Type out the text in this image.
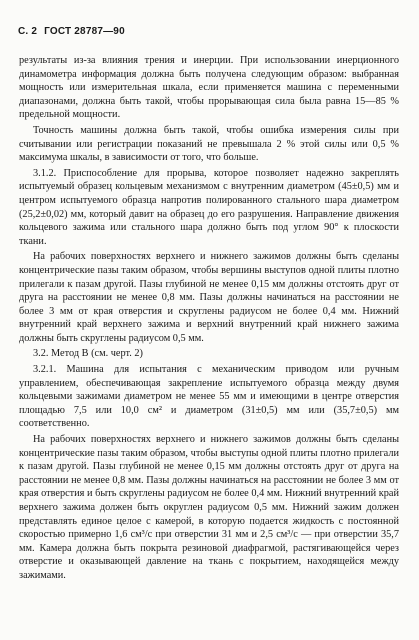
С. 2 ГОСТ 28787—90

результаты из-за влияния трения и инерции. При использовании инерционного динамометра информация должна быть получена следующим образом: выбранная мощность или измерительная шкала, если применяется машина с переменными диапазонами, должна быть такой, чтобы прорывающая сила была равна 15—85 % предельной мощности.

Точность машины должна быть такой, чтобы ошибка измерения силы при считывании или регистрации показаний не превышала 2 % этой силы или 0,5 % максимума шкалы, в зависимости от того, что больше.

3.1.2. Приспособление для прорыва, которое позволяет надежно закреплять испытуемый образец кольцевым механизмом с внутренним диаметром (45±0,5) мм и центром испытуемого образца напротив полированного стального шара диаметром (25,2±0,02) мм, который давит на образец до его разрушения. Направление движения кольцевого зажима или стального шара должно быть под углом 90° к плоскости ткани.

На рабочих поверхностях верхнего и нижнего зажимов должны быть сделаны концентрические пазы таким образом, чтобы вершины выступов одной плиты плотно прилегали к пазам другой. Пазы глубиной не менее 0,15 мм должны отстоять друг от друга на расстоянии не менее 0,8 мм. Пазы должны начинаться на расстоянии не более 3 мм от края отверстия и скруглены радиусом не более 0,4 мм. Нижний внутренний край верхнего зажима и верхний внутренний край нижнего зажима должны быть скруглены радиусом 0,5 мм.

3.2. Метод В (см. черт. 2)

3.2.1. Машина для испытания с механическим приводом или ручным управлением, обеспечивающая закрепление испытуемого образца между двумя кольцевыми зажимами диаметром не менее 55 мм и имеющими в центре отверстия площадью 7,5 или 10,0 см² и диаметром (31±0,5) мм или (35,7±0,5) мм соответственно.

На рабочих поверхностях верхнего и нижнего зажимов должны быть сделаны концентрические пазы таким образом, чтобы выступы одной плиты плотно прилегали к пазам другой. Пазы глубиной не менее 0,15 мм должны отстоять друг от друга на расстоянии не менее 0,8 мм. Пазы должны начинаться на расстоянии не более 3 мм от края отверстия и быть скруглены радиусом не более 0,4 мм. Нижний внутренний край верхнего зажима должен быть округлен радиусом 0,5 мм. Нижний зажим должен представлять единое целое с камерой, в которую подается жидкость с постоянной скоростью примерно 1,6 см³/с при отверстии 31 мм и 2,5 см³/с — при отверстии 35,7 мм. Камера должна быть покрыта резиновой диафрагмой, растягивающейся через отверстие и оказывающей давление на ткань с покрытием, находящейся между зажимами.
